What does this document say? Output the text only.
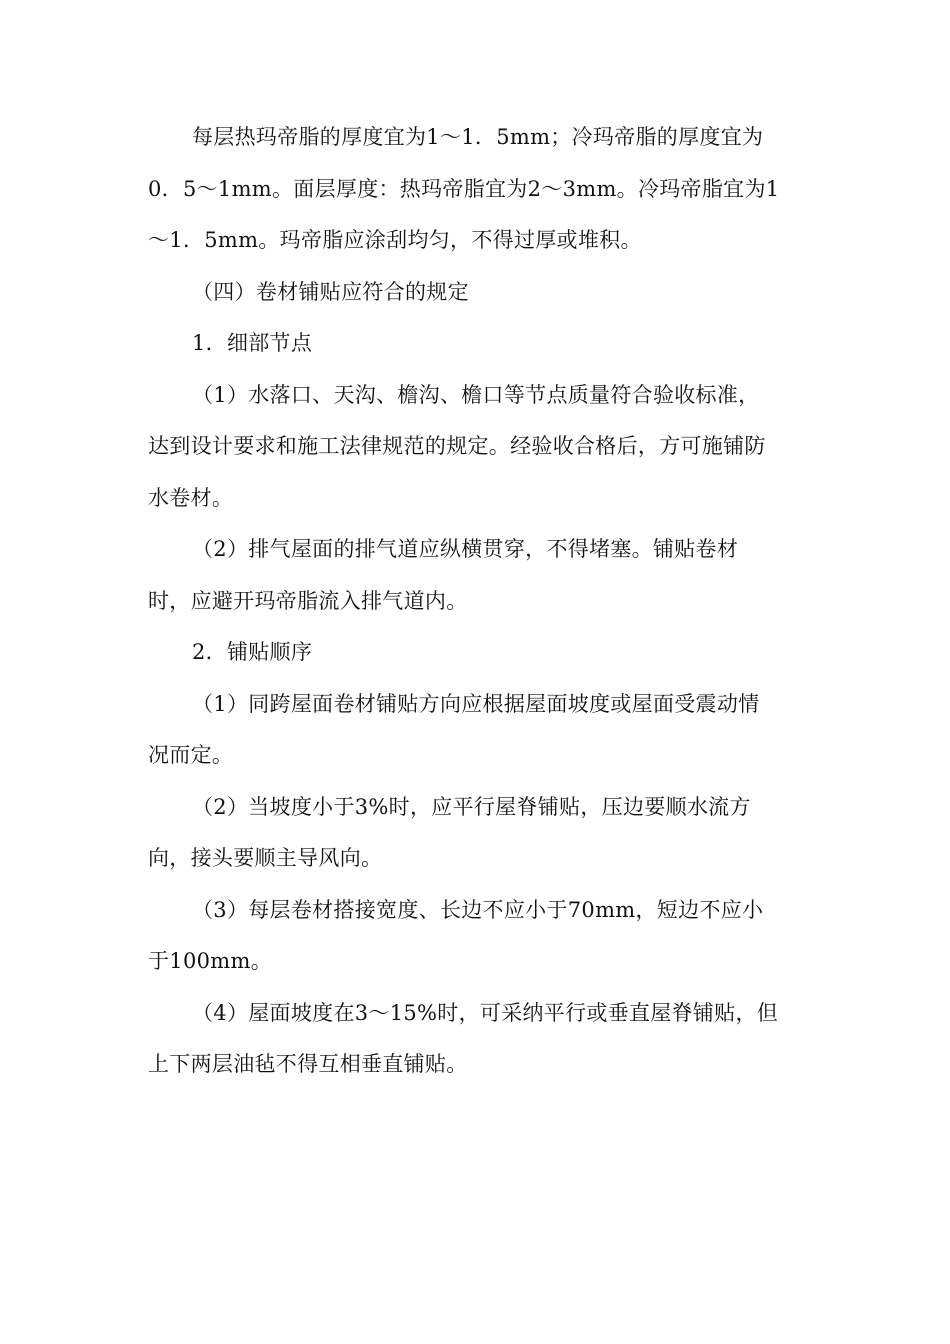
每层热玛帝脂的厚度宜为1～1．5mm；冷玛帝脂的厚度宜为
0．5～1mm。面层厚度：热玛帝脂宜为2～3mm。冷玛帝脂宜为1
～1．5mm。玛帝脂应涂刮均匀，不得过厚或堆积。

（四）卷材铺贴应符合的规定

1．细部节点

（1）水落口、天沟、檐沟、檐口等节点质量符合验收标准，
达到设计要求和施工法律规范的规定。经验收合格后，方可施铺防
水卷材。

（2）排气屋面的排气道应纵横贯穿，不得堵塞。铺贴卷材
时，应避开玛帝脂流入排气道内。

2．铺贴顺序

（1）同跨屋面卷材铺贴方向应根据屋面坡度或屋面受震动情
况而定。

（2）当坡度小于3%时，应平行屋脊铺贴，压边要顺水流方
向，接头要顺主导风向。

（3）每层卷材搭接宽度、长边不应小于70mm，短边不应小
于100mm。

（4）屋面坡度在3～15%时，可采纳平行或垂直屋脊铺贴，但
上下两层油毡不得互相垂直铺贴。
